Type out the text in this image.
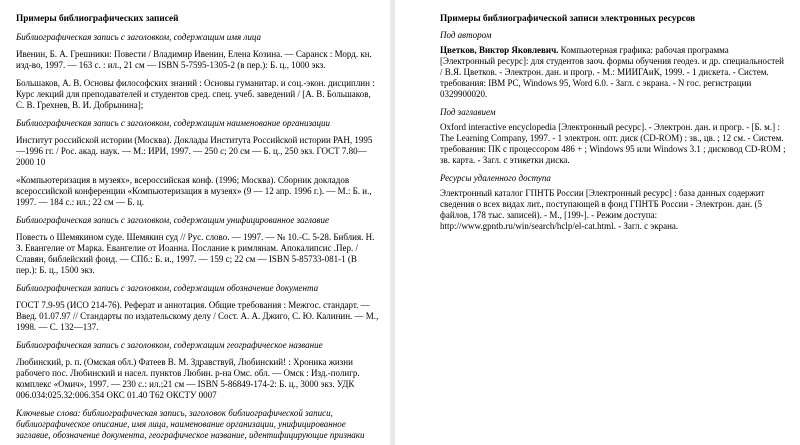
Примеры библиографических записей
Библиографическая запись с заголовком, содержащим имя лица
Ивенин, Б. А. Грешники: Повести / Владимир Ивенин, Елена Козина. — Саранск : Морд. кн. изд-во, 1997. — 163 с. : ил., 21 см — ISBN 5-7595-1305-2 (в пер.): Б. ц., 1000 экз.
Большаков, А. В. Основы философских знаний : Основы гуманитар. и соц.-экон. дисциплин : Курс лекций для преподавателей и студентов сред. спец. учеб. заведений / [А. В. Большаков, С. В. Грехнев, В. И. Добрынина];
Библиографическая запись с заголовком, содержащим наименование организации
Институт российской истории (Москва). Доклады Института Российской истории РАН, 1995—1996 гг. / Рос. акад. наук. — М.: ИРИ, 1997. — 250 с; 20 см — Б. ц., 250 экз. ГОСТ 7.80—2000 10
«Компьютеризация в музеях», всероссийская конф. (1996; Москва). Сборник докладов всероссийской конференции «Компьютеризация в музеях» (9 — 12 апр. 1996 г.). — М.: Б. и., 1997. — 184 с.: ил.; 22 см — Б. ц.
Библиографическая запись с заголовком, содержащим унифицированное заглавие
Повесть о Шемякином суде. Шемякин суд // Рус. слово. — 1997. — № 10.-С. 5-28. Библия. Н. З. Евангелие от Марка. Евангелие от Иоанна. Послание к римлянам. Апокалипсис .Пер. / Славян, библейский фонд. — СПб.: Б. и., 1997. — 159 с; 22 см — ISBN 5-85733-081-1 (В пер.): Б. ц., 1500 экз.
Библиографическая запись с заголовком, содержащим обозначение документа
ГОСТ 7.9-95 (ИСО 214-76). Реферат и аннотация. Общие требования : Межгос. стандарт. — Введ. 01.07.97 // Стандарты по издательскому делу / Сост. А. А. Джиго, С. Ю. Калинин. — М., 1998. — С. 132—137.
Библиографическая запись с заголовком, содержащим географическое название
Любинский, р. п. (Омская обл.) Фатеев В. М. Здравствуй, Любинский! : Хроника жизни рабочего пос. Любинский и насел. пунктов Любин. р-на Омс. обл. — Омск : Изд.-полигр. комплекс «Омич», 1997. — 230 с.: ил.;21 см — ISBN 5-86849-174-2: Б. ц., 3000 экз. УДК 006.034:025.32:006.354 ОКС 01.40 Т62 ОКСТУ 0007
Ключевые слова: библиографическая запись, заголовок библиографической записи, библиографическое описание, имя лица, наименование организации, унифицированное заглавие, обозначение документа, географическое название, идентифицирующие признаки
Примеры библиографической записи электронных ресурсов
Под автором
Цветков, Виктор Яковлевич. Компьютерная графика: рабочая программа [Электронный ресурс]: для студентов заоч. формы обучения геодез. и др. специальностей / В.Я. Цветков. - Электрон. дан. и прогр. - М.: МИИГАиК, 1999. - 1 дискета. - Систем. требования: IBM PC, Windows 95, Word 6.0. - Загл. с экрана. - N гос. регистрации 0329900020.
Под заглавием
Oxford interactive encyclopedia [Электронный ресурс]. - Электрон. дан. и прогр. - [Б. м.] : The Learning Company, 1997. - 1 электрон. опт. диск (CD-ROM) : зв., цв. ; 12 см. - Систем. требования: ПК с процессором 486 + ; Windows 95 или Windows 3.1 ; дисковод CD-ROM ; зв. карта. - Загл. с этикетки диска.
Ресурсы удаленного доступа
Электронный каталог ГПНТБ России [Электронный ресурс] : база данных содержит сведения о всех видах лит., поступающей в фонд ГПНТБ России - Электрон. дан. (5 файлов, 178 тыс. записей). - М., [199-]. - Режим доступа: http://www.gpntb.ru/win/search/hclp/el-cat.html. - Загл. с экрана.
